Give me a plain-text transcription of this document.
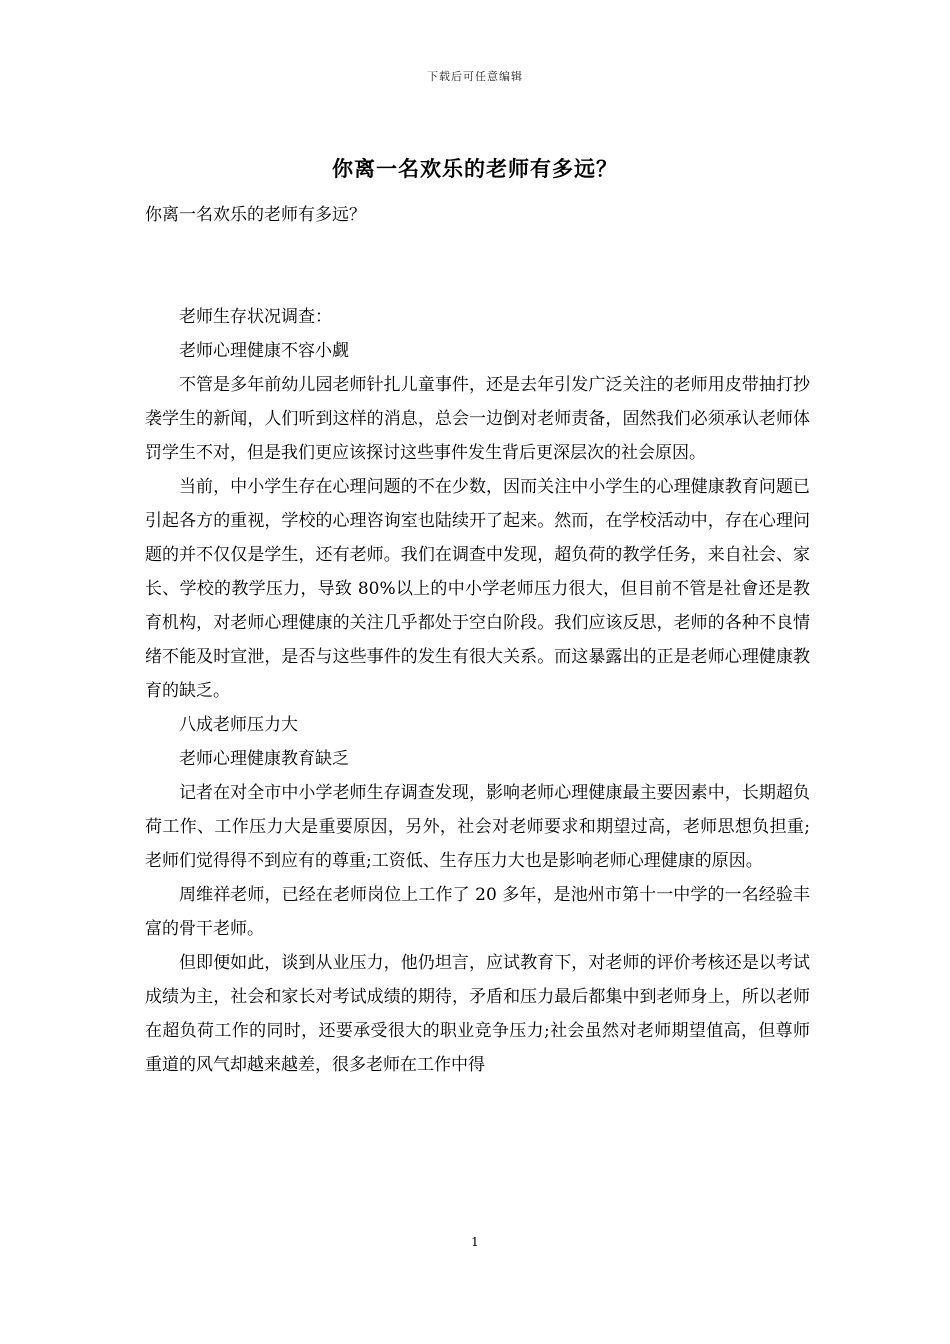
下载后可任意编辑
你离一名欢乐的老师有多远？

你离一名欢乐的老师有多远？

老师生存状况调查：

老师心理健康不容小觑

不管是多年前幼儿园老师针扎儿童事件，还是去年引发广泛关注的老师用皮带抽打抄袭学生的新闻，人们听到这样的消息，总会一边倒对老师责备，固然我们必须承认老师体罚学生不对，但是我们更应该探讨这些事件发生背后更深层次的社会原因。

当前，中小学生存在心理问题的不在少数，因而关注中小学生的心理健康教育问题已引起各方的重视，学校的心理咨询室也陆续开了起来。然而，在学校活动中，存在心理问题的并不仅仅是学生，还有老师。我们在调查中发现，超负荷的教学任务，来自社会、家长、学校的教学压力，导致 80%以上的中小学老师压力很大，但目前不管是社會还是教育机构，对老师心理健康的关注几乎都处于空白阶段。我们应该反思，老师的各种不良情绪不能及时宣泄，是否与这些事件的发生有很大关系。而这暴露出的正是老师心理健康教育的缺乏。

八成老师压力大

老师心理健康教育缺乏

记者在对全市中小学老师生存调查发现，影响老师心理健康最主要因素中，长期超负荷工作、工作压力大是重要原因，另外，社会对老师要求和期望过高，老师思想负担重;老师们觉得得不到应有的尊重;工资低、生存压力大也是影响老师心理健康的原因。

周维祥老师，已经在老师岗位上工作了 20 多年，是池州市第十一中学的一名经验丰富的骨干老师。

但即便如此，谈到从业压力，他仍坦言，应试教育下，对老师的评价考核还是以考试成绩为主，社会和家长对考试成绩的期待，矛盾和压力最后都集中到老师身上，所以老师在超负荷工作的同时，还要承受很大的职业竞争压力;社会虽然对老师期望值高，但尊师重道的风气却越来越差，很多老师在工作中得

1
